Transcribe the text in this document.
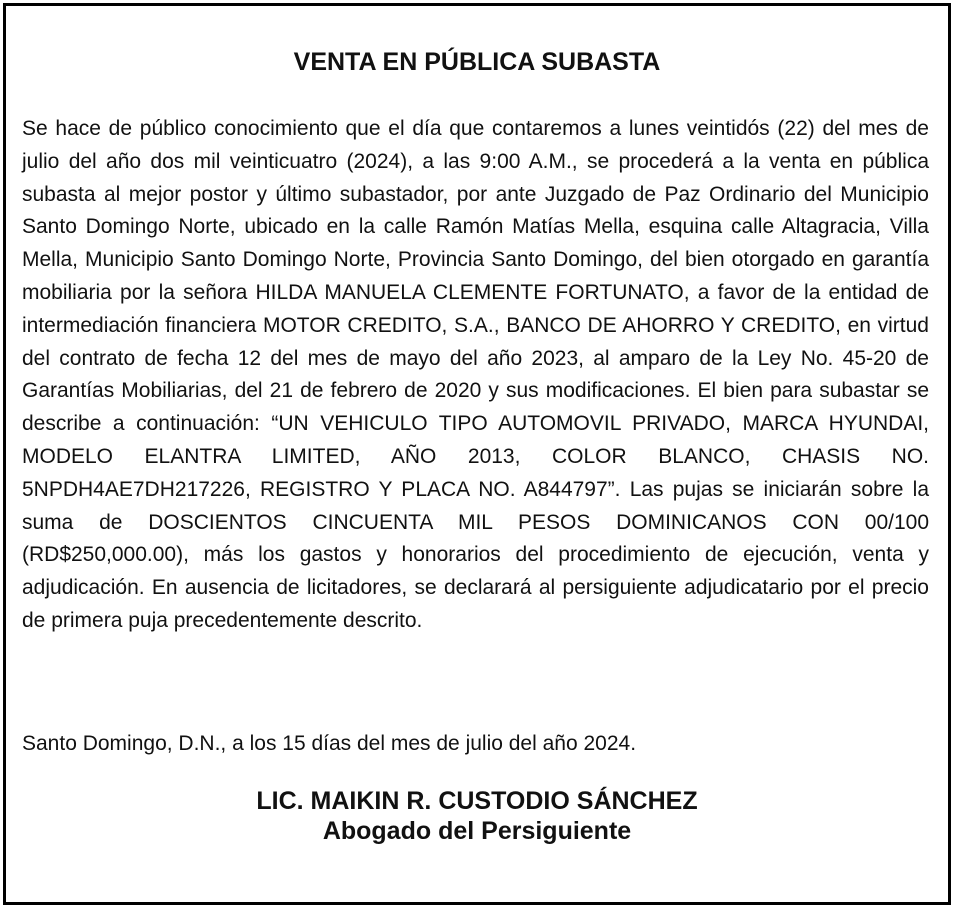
VENTA EN PÚBLICA SUBASTA

Se hace de público conocimiento que el día que contaremos a lunes veintidós (22) del mes de julio del año dos mil veinticuatro (2024), a las 9:00 A.M., se procederá a la venta en pública subasta al mejor postor y último subastador, por ante Juzgado de Paz Ordinario del Municipio Santo Domingo Norte, ubicado en la calle Ramón Matías Mella, esquina calle Altagracia, Villa Mella, Municipio Santo Domingo Norte, Provincia Santo Domingo, del bien otorgado en garantía mobiliaria por la señora HILDA MANUELA CLEMENTE FORTUNATO, a favor de la entidad de intermediación financiera MOTOR CREDITO, S.A., BANCO DE AHORRO Y CREDITO, en virtud del contrato de fecha 12 del mes de mayo del año 2023, al amparo de la Ley No. 45-20 de Garantías Mobiliarias, del 21 de febrero de 2020 y sus modificaciones. El bien para subastar se describe a continuación: “UN VEHICULO TIPO AUTOMOVIL PRIVADO, MARCA HYUNDAI, MODELO ELANTRA LIMITED, AÑO 2013, COLOR BLANCO, CHASIS NO. 5NPDH4AE7DH217226, REGISTRO Y PLACA NO. A844797”. Las pujas se iniciarán sobre la suma de DOSCIENTOS CINCUENTA MIL PESOS DOMINICANOS CON 00/100 (RD$250,000.00), más los gastos y honorarios del procedimiento de ejecución, venta y adjudicación. En ausencia de licitadores, se declarará al persiguiente adjudicatario por el precio de primera puja precedentemente descrito.

Santo Domingo, D.N., a los 15 días del mes de julio del año 2024.

LIC. MAIKIN R. CUSTODIO SÁNCHEZ
Abogado del Persiguiente
